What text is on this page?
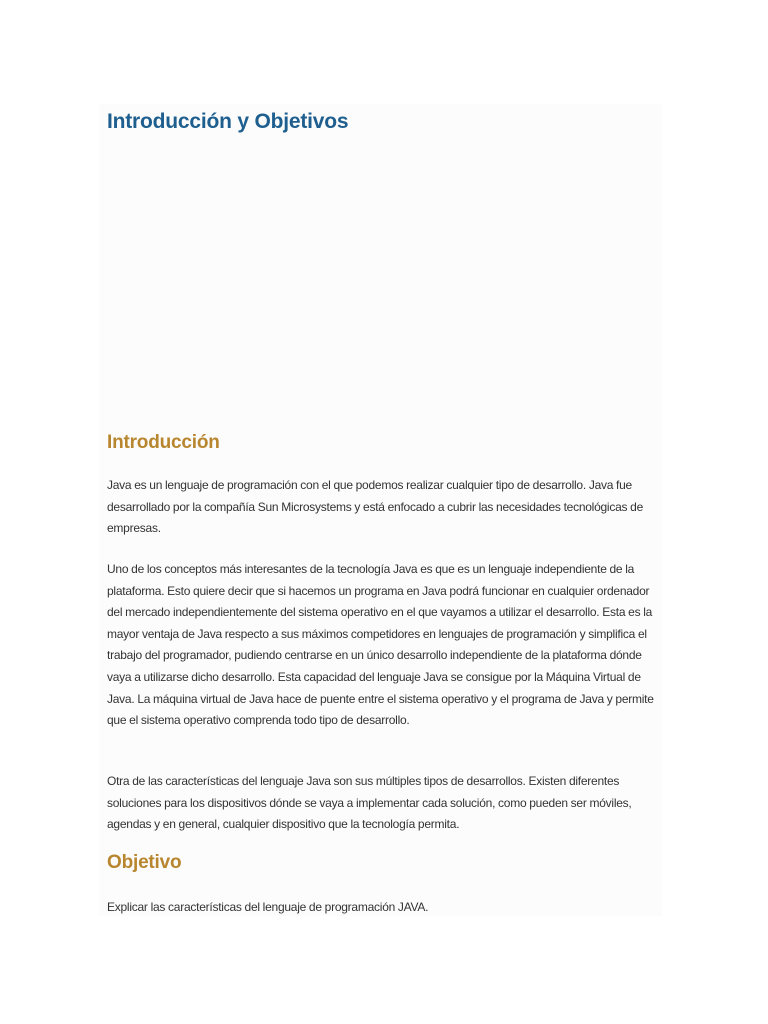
Introducción y Objetivos
Introducción

Java es un lenguaje de programación con el que podemos realizar cualquier tipo de desarrollo. Java fue desarrollado por la compañía Sun Microsystems y está enfocado a cubrir las necesidades tecnológicas de empresas.

Uno de los conceptos más interesantes de la tecnología Java es que es un lenguaje independiente de la plataforma. Esto quiere decir que si hacemos un programa en Java podrá funcionar en cualquier ordenador del mercado independientemente del sistema operativo en el que vayamos a utilizar el desarrollo. Esta es la mayor ventaja de Java respecto a sus máximos competidores en lenguajes de programación y simplifica el trabajo del programador, pudiendo centrarse en un único desarrollo independiente de la plataforma dónde vaya a utilizarse dicho desarrollo. Esta capacidad del lenguaje Java se consigue por la Máquina Virtual de Java. La máquina virtual de Java hace de puente entre el sistema operativo y el programa de Java y permite que el sistema operativo comprenda todo tipo de desarrollo.

Otra de las características del lenguaje Java son sus múltiples tipos de desarrollos. Existen diferentes soluciones para los dispositivos dónde se vaya a implementar cada solución, como pueden ser móviles, agendas y en general, cualquier dispositivo que la tecnología permita.

Objetivo

Explicar las características del lenguaje de programación JAVA.
